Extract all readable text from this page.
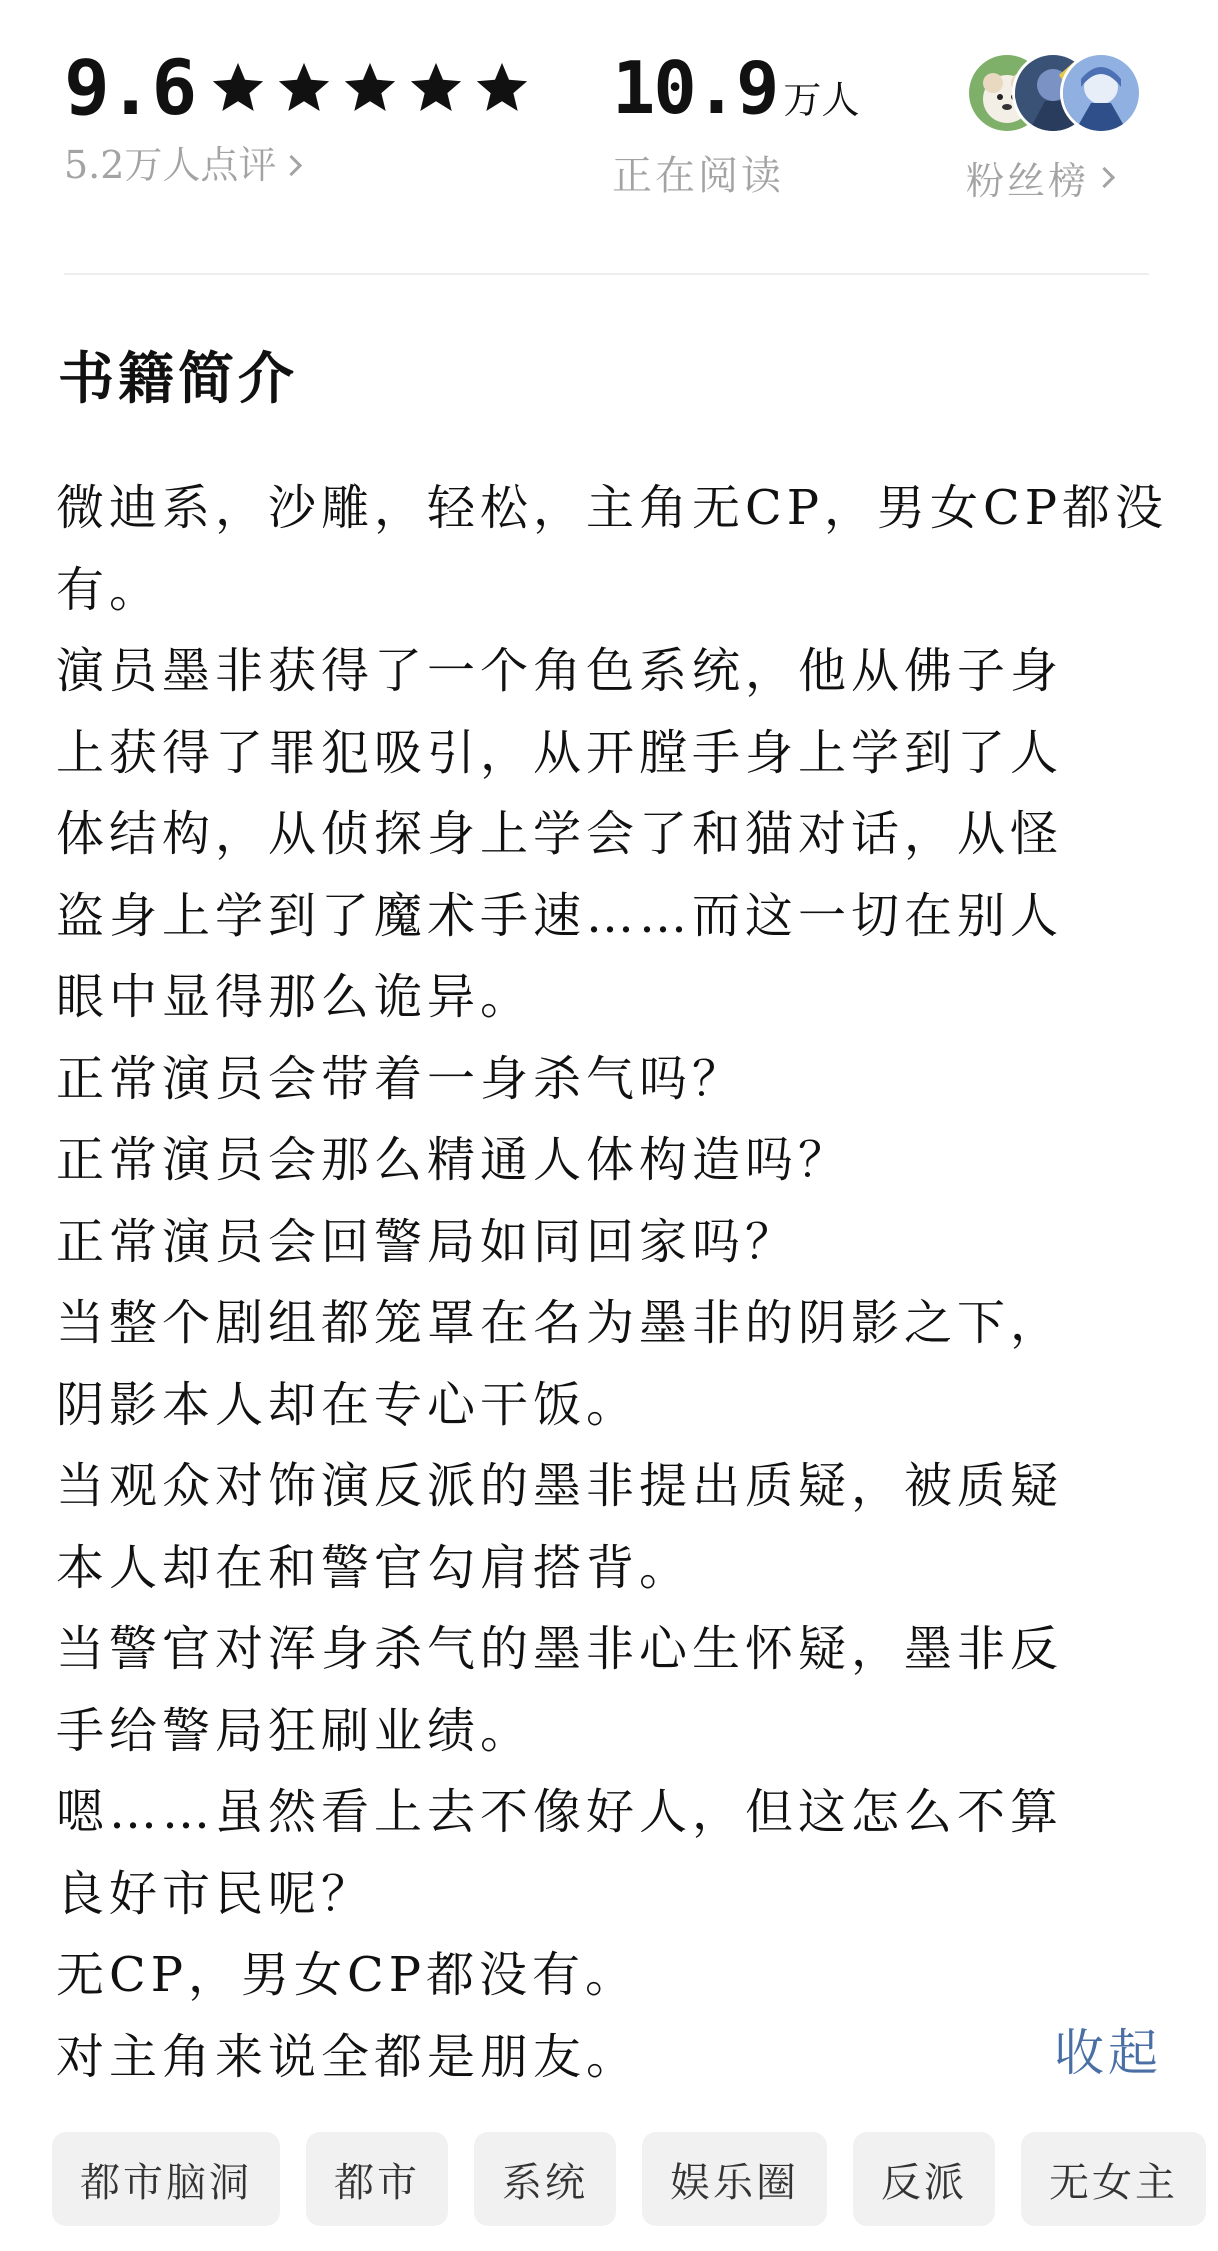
9.6
5.2万人点评
10.9 万人
正在阅读	粉丝榜
书籍简介
微迪系，沙雕，轻松，主角无CP，男女CP都没
有。
演员墨非获得了一个角色系统，他从佛子身
上获得了罪犯吸引，从开膛手身上学到了人
体结构，从侦探身上学会了和猫对话，从怪
盗身上学到了魔术手速……而这一切在别人
眼中显得那么诡异。
正常演员会带着一身杀气吗？
正常演员会那么精通人体构造吗？
正常演员会回警局如同回家吗？
当整个剧组都笼罩在名为墨非的阴影之下，
阴影本人却在专心干饭。
当观众对饰演反派的墨非提出质疑，被质疑
本人却在和警官勾肩搭背。
当警官对浑身杀气的墨非心生怀疑，墨非反
手给警局狂刷业绩。
嗯……虽然看上去不像好人，但这怎么不算
良好市民呢？
无CP，男女CP都没有。
对主角来说全都是朋友。	收起
都市脑洞	都市	系统	娱乐圈	反派	无女主
